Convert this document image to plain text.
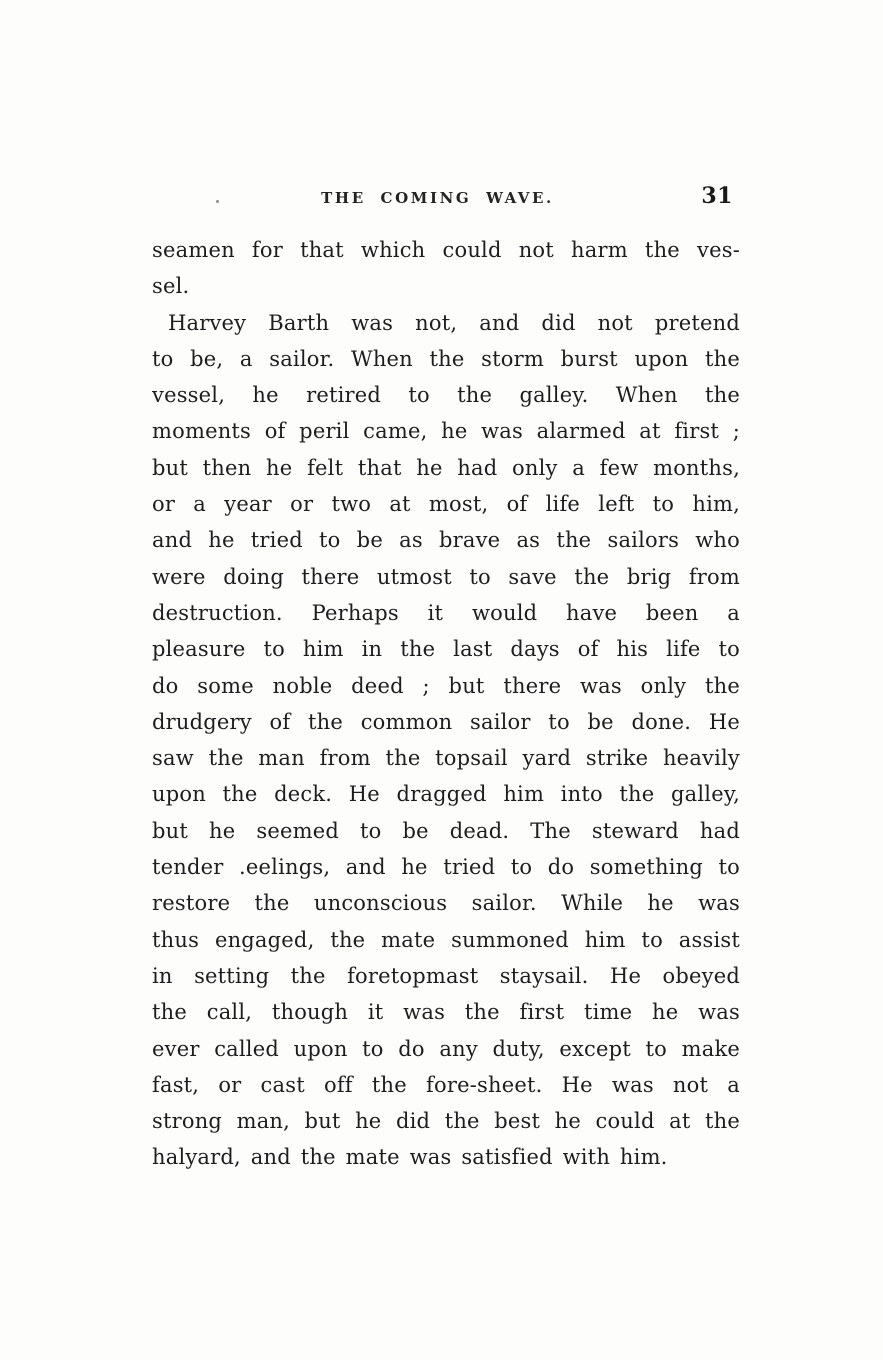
THE COMING WAVE.	31
seamen for that which could not harm the ves-
sel.
Harvey Barth was not, and did not pretend
to be, a sailor. When the storm burst upon the
vessel, he retired to the galley. When the
moments of peril came, he was alarmed at first ;
but then he felt that he had only a few months,
or a year or two at most, of life left to him,
and he tried to be as brave as the sailors who
were doing there utmost to save the brig from
destruction. Perhaps it would have been a
pleasure to him in the last days of his life to
do some noble deed ; but there was only the
drudgery of the common sailor to be done. He
saw the man from the topsail yard strike heavily
upon the deck. He dragged him into the galley,
but he seemed to be dead. The steward had
tender .eelings, and he tried to do something to
restore the unconscious sailor. While he was
thus engaged, the mate summoned him to assist
in setting the foretopmast staysail. He obeyed
the call, though it was the first time he was
ever called upon to do any duty, except to make
fast, or cast off the fore-sheet. He was not a
strong man, but he did the best he could at the
halyard, and the mate was satisfied with him.
